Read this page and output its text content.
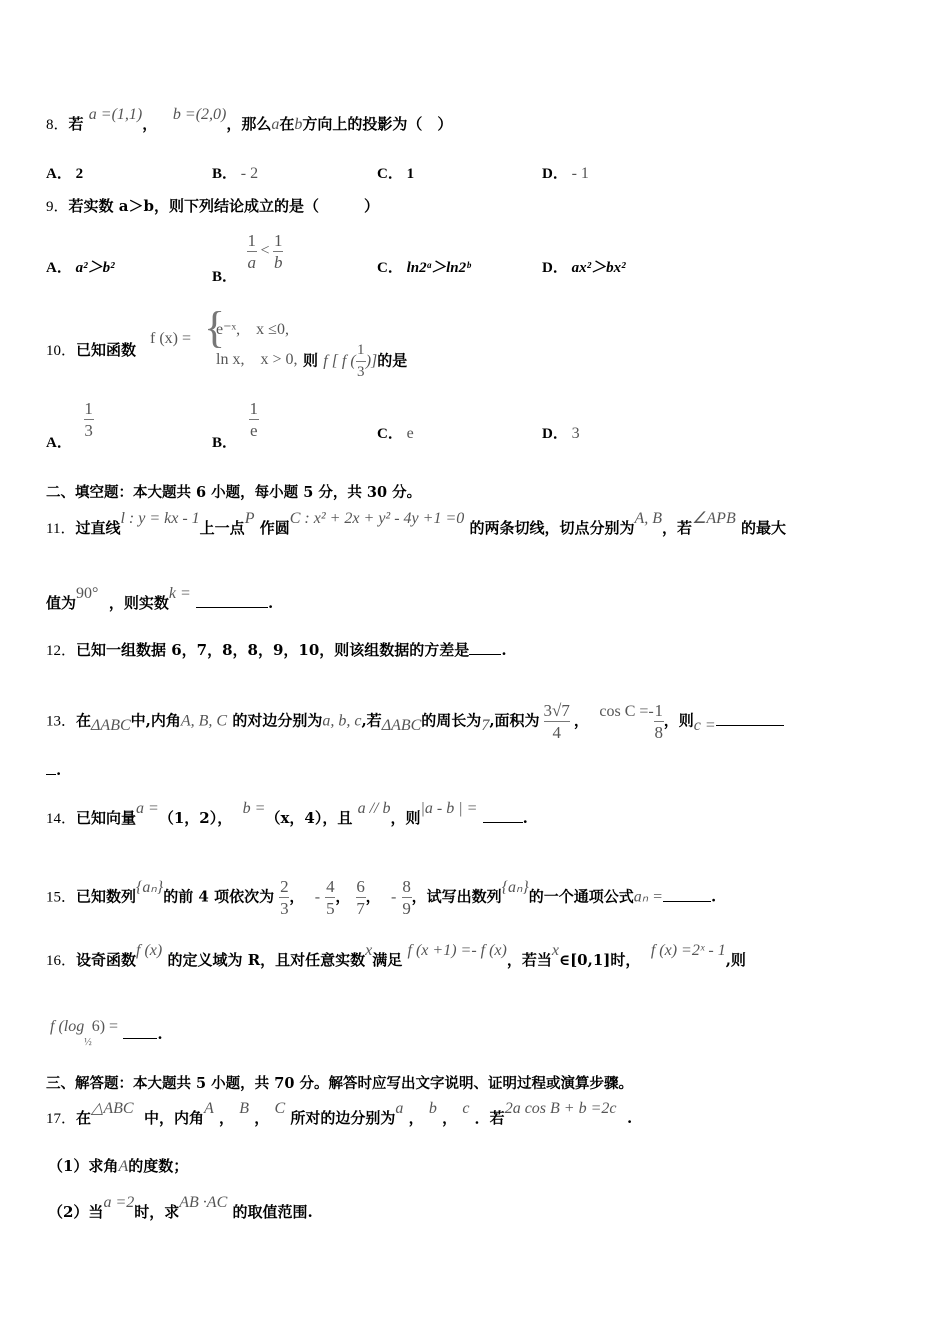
8．若 a =(1,1)，   b =(2,0)，那么a在b方向上的投影为（　）
A． 2	B． - 2	C． 1	D． - 1
9．若实数 a＞b，则下列结论成立的是（　　　）
A． a²＞b²
B．
$\frac{1}{a} < \frac{1}{b}$	C． ln2ᵃ＞ln2ᵇ	D． ax²＞bx²
10．已知函数
f (x) = {
e⁻ˣ,　x ≤0,
ln x,　x > 0, 则 f [ f ( $\frac{1}{3}$ )]的是
A．
$\frac{1}{3}$
B．
$\frac{1}{e}$	C． e	D． 3
二、填空题：本大题共 6 小题，每小题 5 分，共 30 分。
11．过直线l : y = kx - 1上一点P 作圆C : x² + 2x + y² - 4y +1 =0 的两条切线，切点分别为A, B，若∠APB 的最大
值为90°  ，则实数k = .
12．已知一组数据 6，7，8，8，9，10，则该组数据的方差是 .
13．在ΔABC中,内角A, B, C 的对边分别为a, b, c,若ΔABC的周长为7,面积为 $\frac{3√7}{4}$ ，  $\cos C =- \frac{1}{8}$ ，则c =
.
14．已知向量a =（1，2），  b =（x，4），且 a // b，则|a - b | = .
15．已知数列{aₙ}的前 4 项依次为 $\frac{2}{3}$ ，  - $\frac{4}{5}$ ， $\frac{6}{7}$ ，  - $\frac{8}{9}$ ，试写出数列{aₙ}的一个通项公式aₙ =	.
16．设奇函数f (x) 的定义域为 R，且对任意实数x满足 f (x +1) =- f (x)，若当x∈[0,1]时，  f (x) =2ˣ - 1,则
f $(\log_{\frac{1}{2}}6)$ =	.
三、解答题：本大题共 5 小题，共 70 分。解答时应写出文字说明、证明过程或演算步骤。
17．在△ABC  中，内角A ， B ， C 所对的边分别为a ， b ， c ．若2a cos B + b =2c  .
（1）求角A的度数；
（2）当a =2时，求AB ·AC 的取值范围.
